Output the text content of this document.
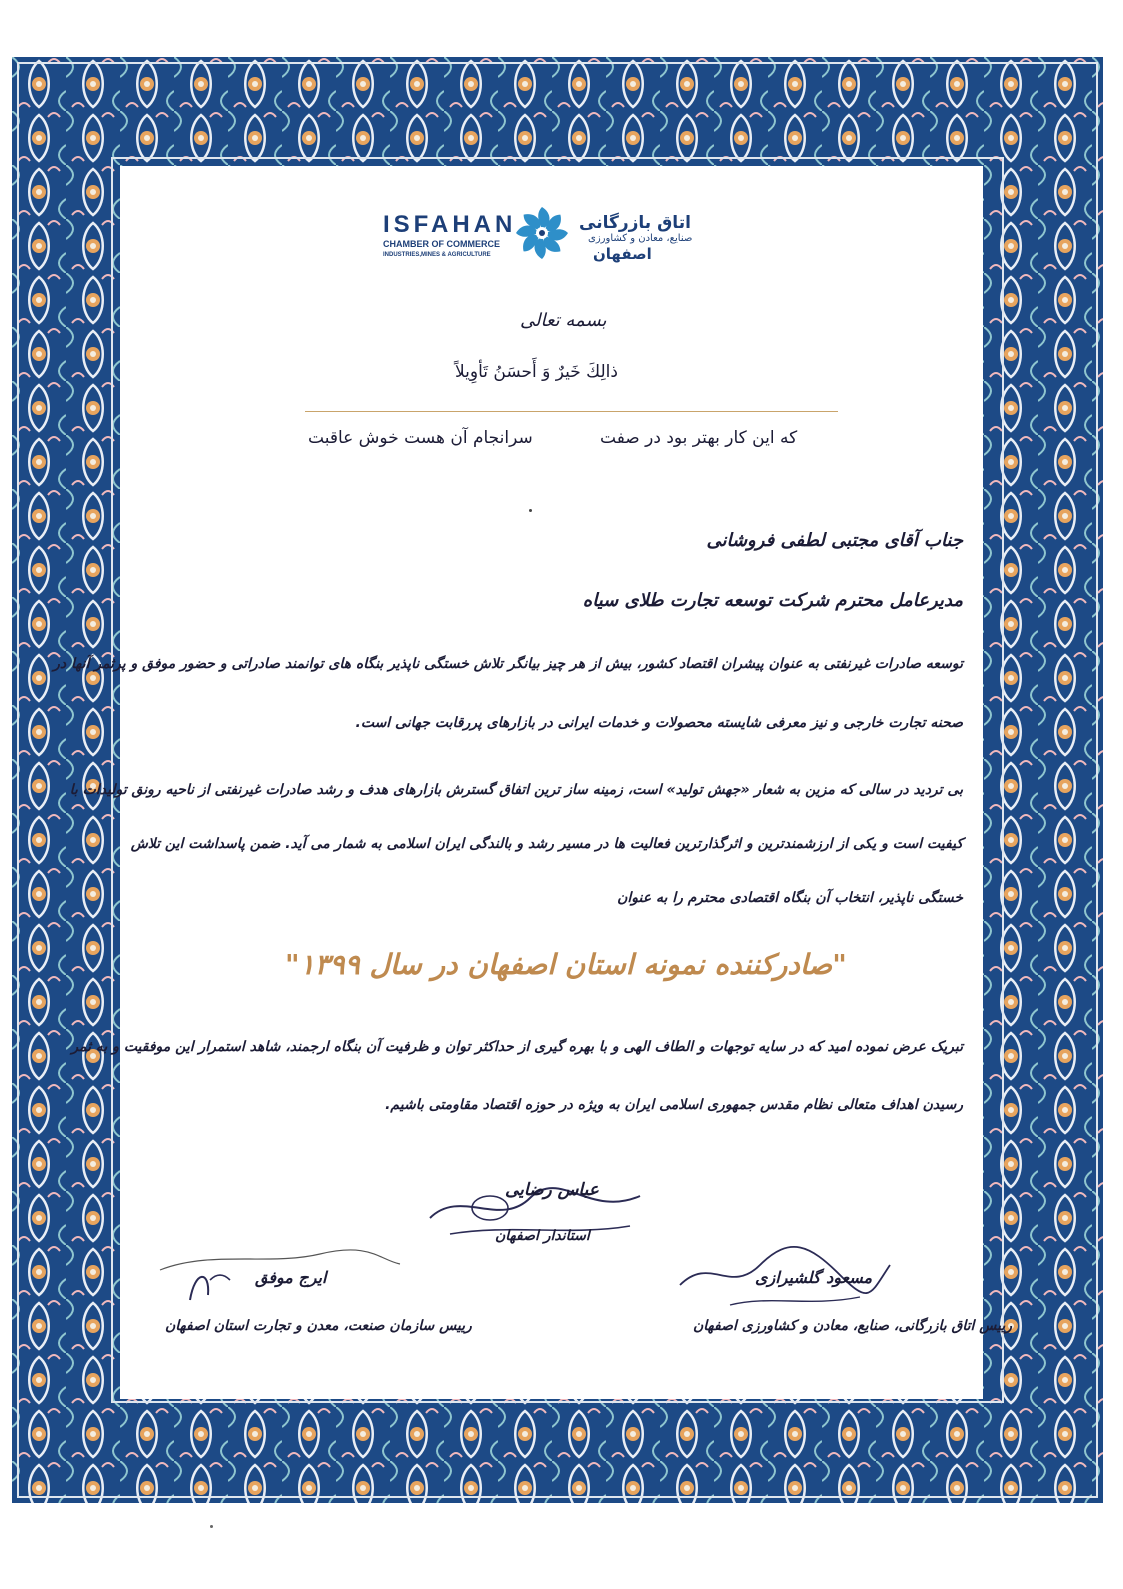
ISFAHAN
CHAMBER OF COMMERCE
INDUSTRIES,MINES & AGRICULTURE
اتاق بازرگانی
صنایع، معادن و کشاورزی
اصفهان
بسمه تعالی
ذالِكَ خَيرٌ وَ أَحسَنُ تَأوِيلاً
که این کار بهتر بود در صفت
سرانجام آن هست خوش عاقبت
جناب آقای مجتبی لطفی فروشانی
مدیرعامل محترم شرکت توسعه تجارت طلای سیاه
توسعه صادرات غیرنفتی به عنوان پیشران اقتصاد کشور، بیش از هر چیز بیانگر تلاش خستگی ناپذیر بنگاه های توانمند صادراتی و حضور موفق و پرثمر آنها در
صحنه تجارت خارجی و نیز معرفی شایسته محصولات و خدمات ایرانی در بازارهای پررقابت جهانی است.
بی تردید در سالی که مزین به شعار «جهش تولید» است، زمینه ساز ترین اتفاق گسترش بازارهای هدف و رشد صادرات غیرنفتی از ناحیه رونق تولیدات با
کیفیت است و یکی از ارزشمندترین و اثرگذارترین فعالیت ها در مسیر رشد و بالندگی ایران اسلامی به شمار می آید. ضمن پاسداشت این تلاش
خستگی ناپذیر، انتخاب آن بنگاه اقتصادی محترم را به عنوان
"صادرکننده نمونه استان اصفهان در سال ۱۳۹۹"
تبریک عرض نموده امید که در سایه توجهات و الطاف الهی و با بهره گیری از حداکثر توان و ظرفیت آن بنگاه ارجمند، شاهد استمرار این موفقیت و به ثمر
رسیدن اهداف متعالی نظام مقدس جمهوری اسلامی ایران به ویژه در حوزه اقتصاد مقاومتی باشیم.
عباس رضایی
استاندار اصفهان
مسعود گلشیرازی
رییس اتاق بازرگانی، صنایع، معادن و کشاورزی اصفهان
ایرج موفق
رییس سازمان صنعت، معدن و تجارت استان اصفهان
